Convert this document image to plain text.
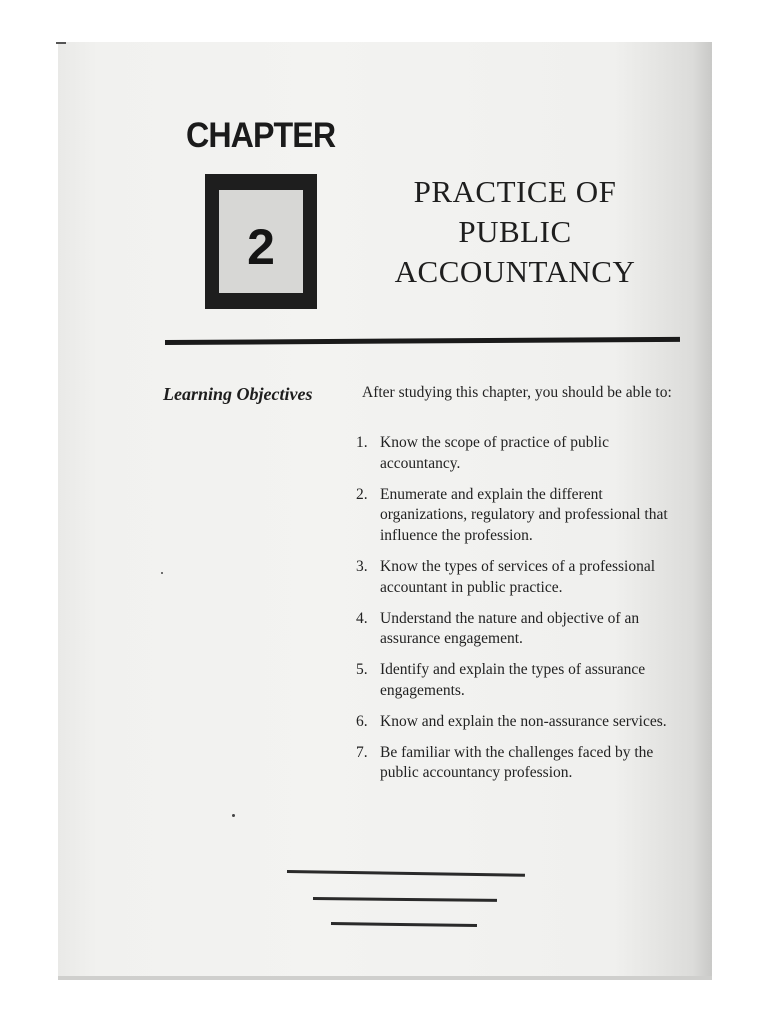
CHAPTER
2
PRACTICE OF
PUBLIC
ACCOUNTANCY
Learning Objectives	After studying this chapter, you should be able to:
1. Know the scope of practice of public accountancy.
2. Enumerate and explain the different organizations, regulatory and professional that influence the profession.
3. Know the types of services of a professional accountant in public practice.
4. Understand the nature and objective of an assurance engagement.
5. Identify and explain the types of assurance engagements.
6. Know and explain the non-assurance services.
7. Be familiar with the challenges faced by the public accountancy profession.
